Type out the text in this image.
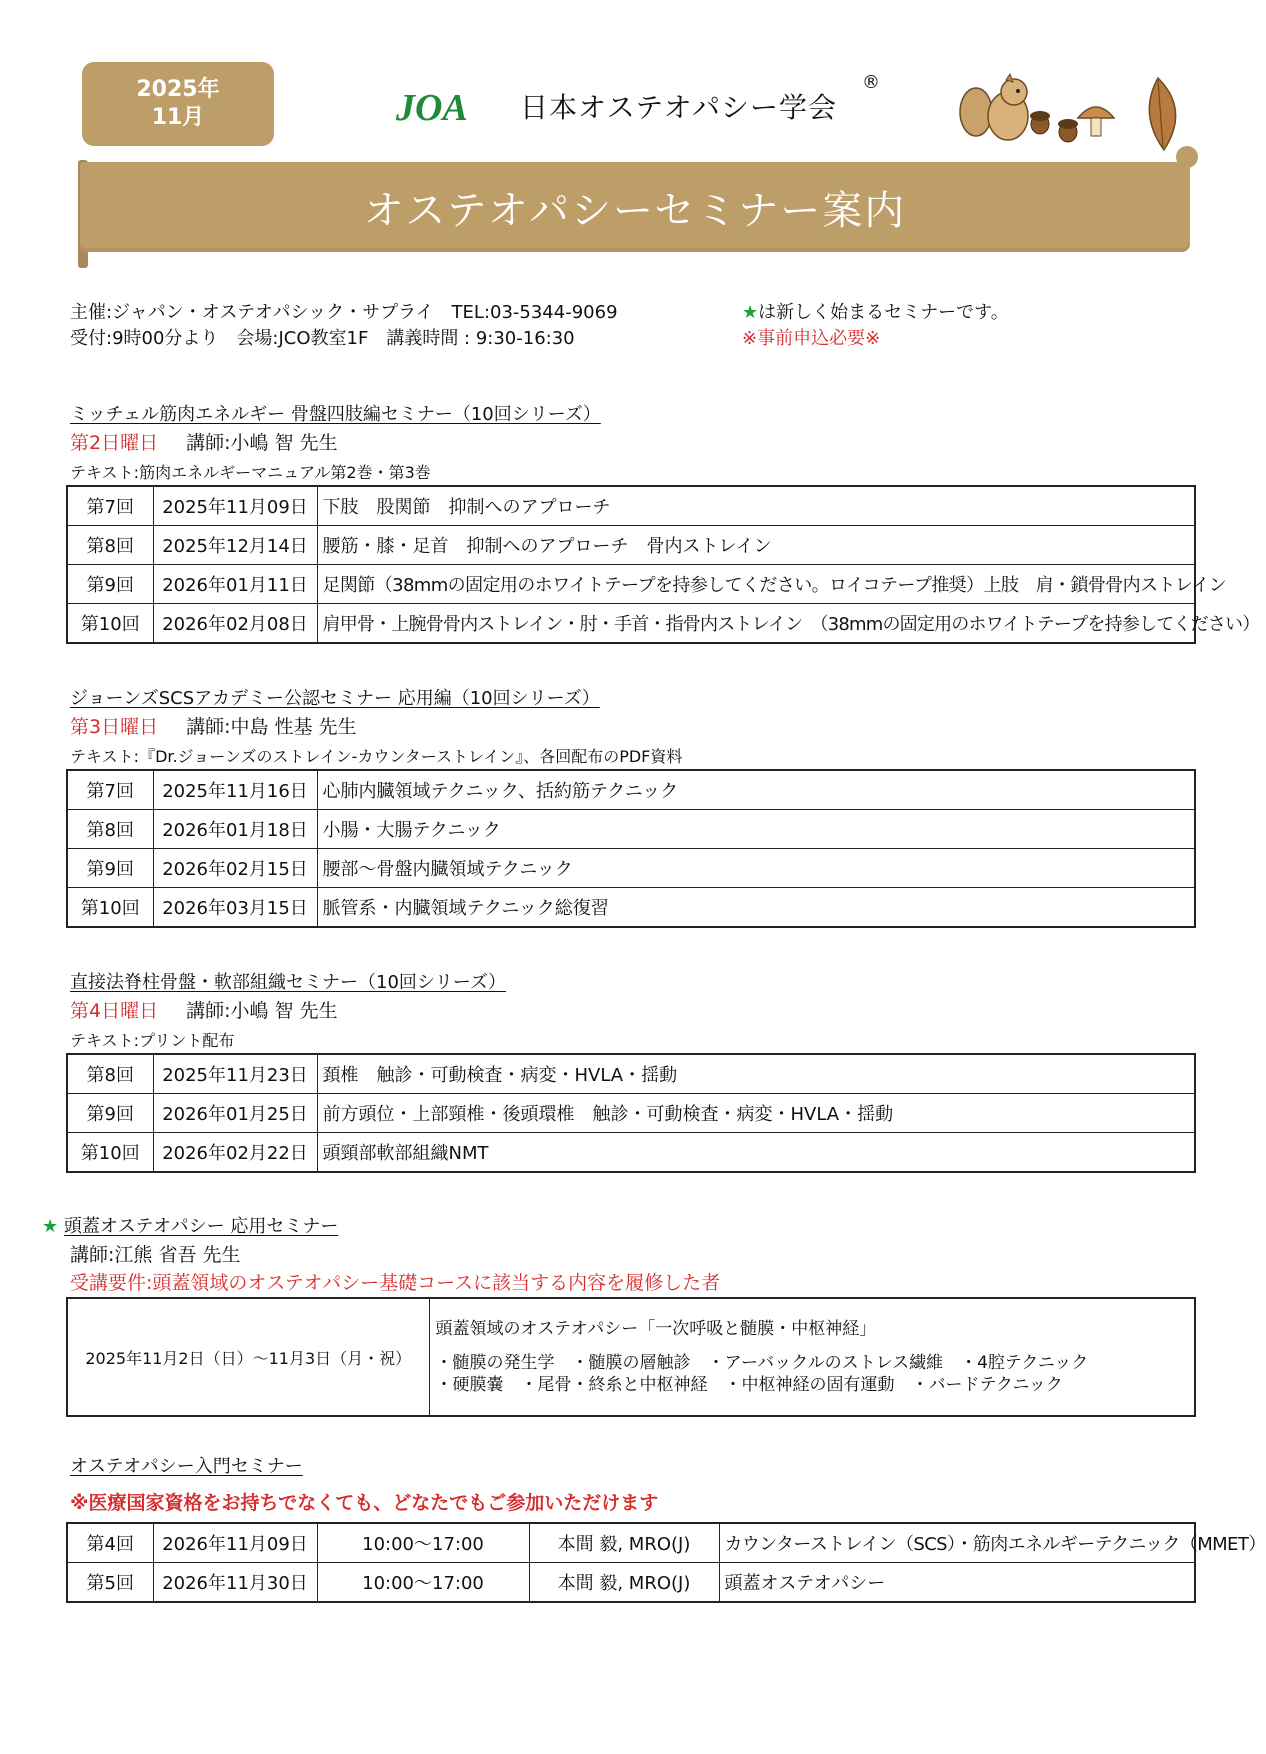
2025年
11月	JOA 日本オステオパシー学会
®
オステオパシーセミナー案内
主催:ジャパン・オステオパシック・サプライ　TEL:03-5344-9069
受付:9時00分より　会場:JCO教室1F　講義時間 : 9:30-16:30
★は新しく始まるセミナーです。
※事前申込必要※
ミッチェル筋肉エネルギー 骨盤四肢編セミナー（10回シリーズ）
第2日曜日 講師:小嶋 智 先生
テキスト:筋肉エネルギーマニュアル第2巻・第3巻
第7回	2025年11月09日	下肢　股関節　抑制へのアプローチ
第8回	2025年12月14日	腰筋・膝・足首　抑制へのアプローチ　骨内ストレイン
第9回	2026年01月11日	足関節（38mmの固定用のホワイトテープを持参してください。ロイコテープ推奨）上肢　肩・鎖骨骨内ストレイン
第10回	2026年02月08日	肩甲骨・上腕骨骨内ストレイン・肘・手首・指骨内ストレイン　（38mmの固定用のホワイトテープを持参してください）
ジョーンズSCSアカデミー公認セミナー 応用編（10回シリーズ）
第3日曜日 講師:中島 性基 先生
テキスト:『Dr.ジョーンズのストレイン-カウンターストレイン』、各回配布のPDF資料
第7回	2025年11月16日	心肺内臓領域テクニック、括約筋テクニック
第8回	2026年01月18日	小腸・大腸テクニック
第9回	2026年02月15日	腰部～骨盤内臓領域テクニック
第10回	2026年03月15日	脈管系・内臓領域テクニック総復習
直接法脊柱骨盤・軟部組織セミナー（10回シリーズ）
第4日曜日 講師:小嶋 智 先生
テキスト:プリント配布
第8回	2025年11月23日	頚椎　触診・可動検査・病変・HVLA・揺動
第9回	2026年01月25日	前方頭位・上部頸椎・後頭環椎　触診・可動検査・病変・HVLA・揺動
第10回	2026年02月22日	頭頸部軟部組織NMT
★ 頭蓋オステオパシー 応用セミナー
講師:江熊 省吾 先生
受講要件:頭蓋領域のオステオパシー基礎コースに該当する内容を履修した者
2025年11月2日（日）～11月3日（月・祝）	
頭蓋領域のオステオパシー「一次呼吸と髄膜・中枢神経」
・髄膜の発生学　・髄膜の層触診　・アーバックルのストレス繊維　・4腔テクニック
・硬膜嚢　・尾骨・終糸と中枢神経　・中枢神経の固有運動　・バードテクニック
オステオパシー入門セミナー
※医療国家資格をお持ちでなくても、どなたでもご参加いただけます
第4回	2026年11月09日	10:00～17:00	本間 毅, MRO(J)	カウンターストレイン（SCS）・筋肉エネルギーテクニック（MMET）
第5回	2026年11月30日	10:00～17:00	本間 毅, MRO(J)	頭蓋オステオパシー
